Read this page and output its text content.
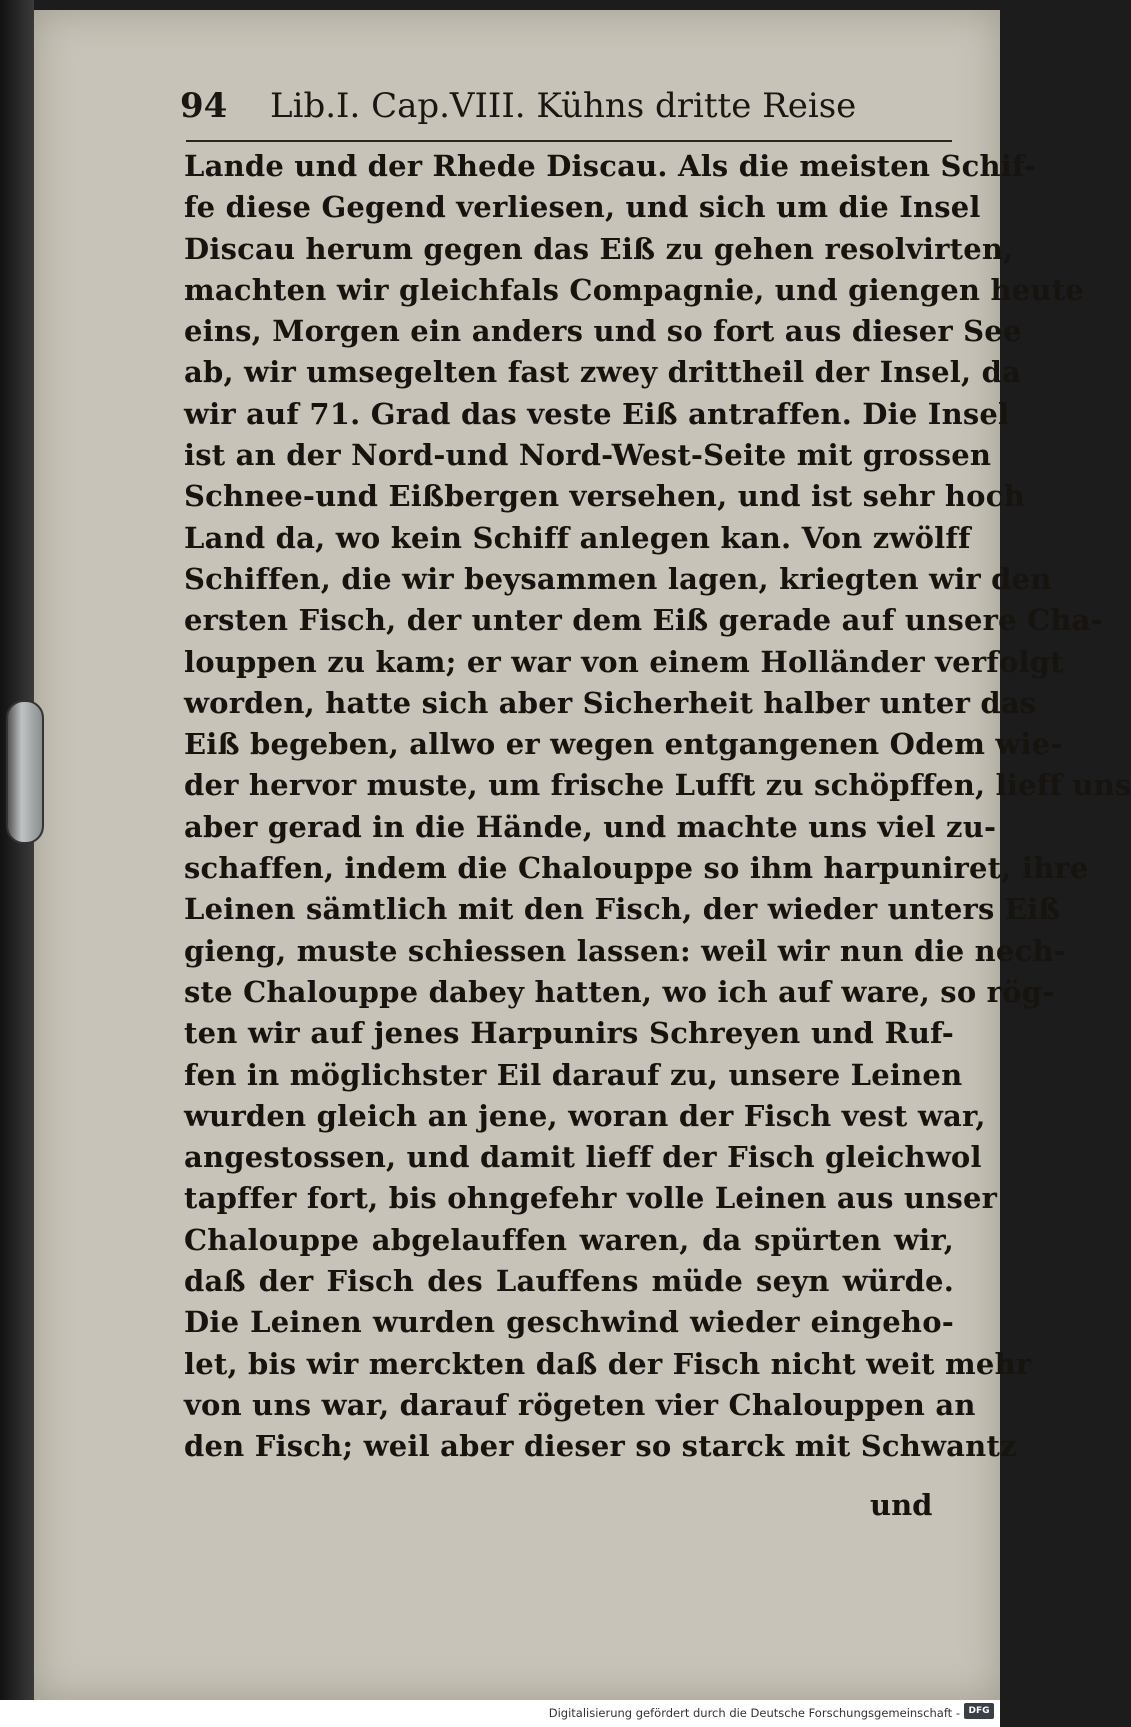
94	Lib.I. Cap.VIII. Kühns dritte Reise
Lande und der Rhede Discau. Als die meisten Schif-
fe diese Gegend verliesen, und sich um die Insel
Discau herum gegen das Eiß zu gehen resolvirten,
machten wir gleichfals Compagnie, und giengen heute
eins, Morgen ein anders und so fort aus dieser See
ab, wir umsegelten fast zwey drittheil der Insel, da
wir auf 71. Grad das veste Eiß antraffen. Die Insel
ist an der Nord-und Nord-West-Seite mit grossen
Schnee-und Eißbergen versehen, und ist sehr hoch
Land da, wo kein Schiff anlegen kan. Von zwölff
Schiffen, die wir beysammen lagen, kriegten wir den
ersten Fisch, der unter dem Eiß gerade auf unsere Cha-
louppen zu kam; er war von einem Holländer verfolgt
worden, hatte sich aber Sicherheit halber unter das
Eiß begeben, allwo er wegen entgangenen Odem wie-
der hervor muste, um frische Lufft zu schöpffen, lieff uns
aber gerad in die Hände, und machte uns viel zu-
schaffen, indem die Chalouppe so ihm harpuniret, ihre
Leinen sämtlich mit den Fisch, der wieder unters Eiß
gieng, muste schiessen lassen: weil wir nun die nech-
ste Chalouppe dabey hatten, wo ich auf ware, so rög-
ten wir auf jenes Harpunirs Schreyen und Ruf-
fen in möglichster Eil darauf zu, unsere Leinen
wurden gleich an jene, woran der Fisch vest war,
angestossen, und damit lieff der Fisch gleichwol
tapffer fort, bis ohngefehr volle Leinen aus unser
Chalouppe abgelauffen waren, da spürten wir,
daß der Fisch des Lauffens müde seyn würde.
Die Leinen wurden geschwind wieder eingeho-
let, bis wir merckten daß der Fisch nicht weit mehr
von uns war, darauf rögeten vier Chalouppen an
den Fisch; weil aber dieser so starck mit Schwantz
und
Digitalisierung gefördert durch die Deutsche Forschungsgemeinschaft - DFG
